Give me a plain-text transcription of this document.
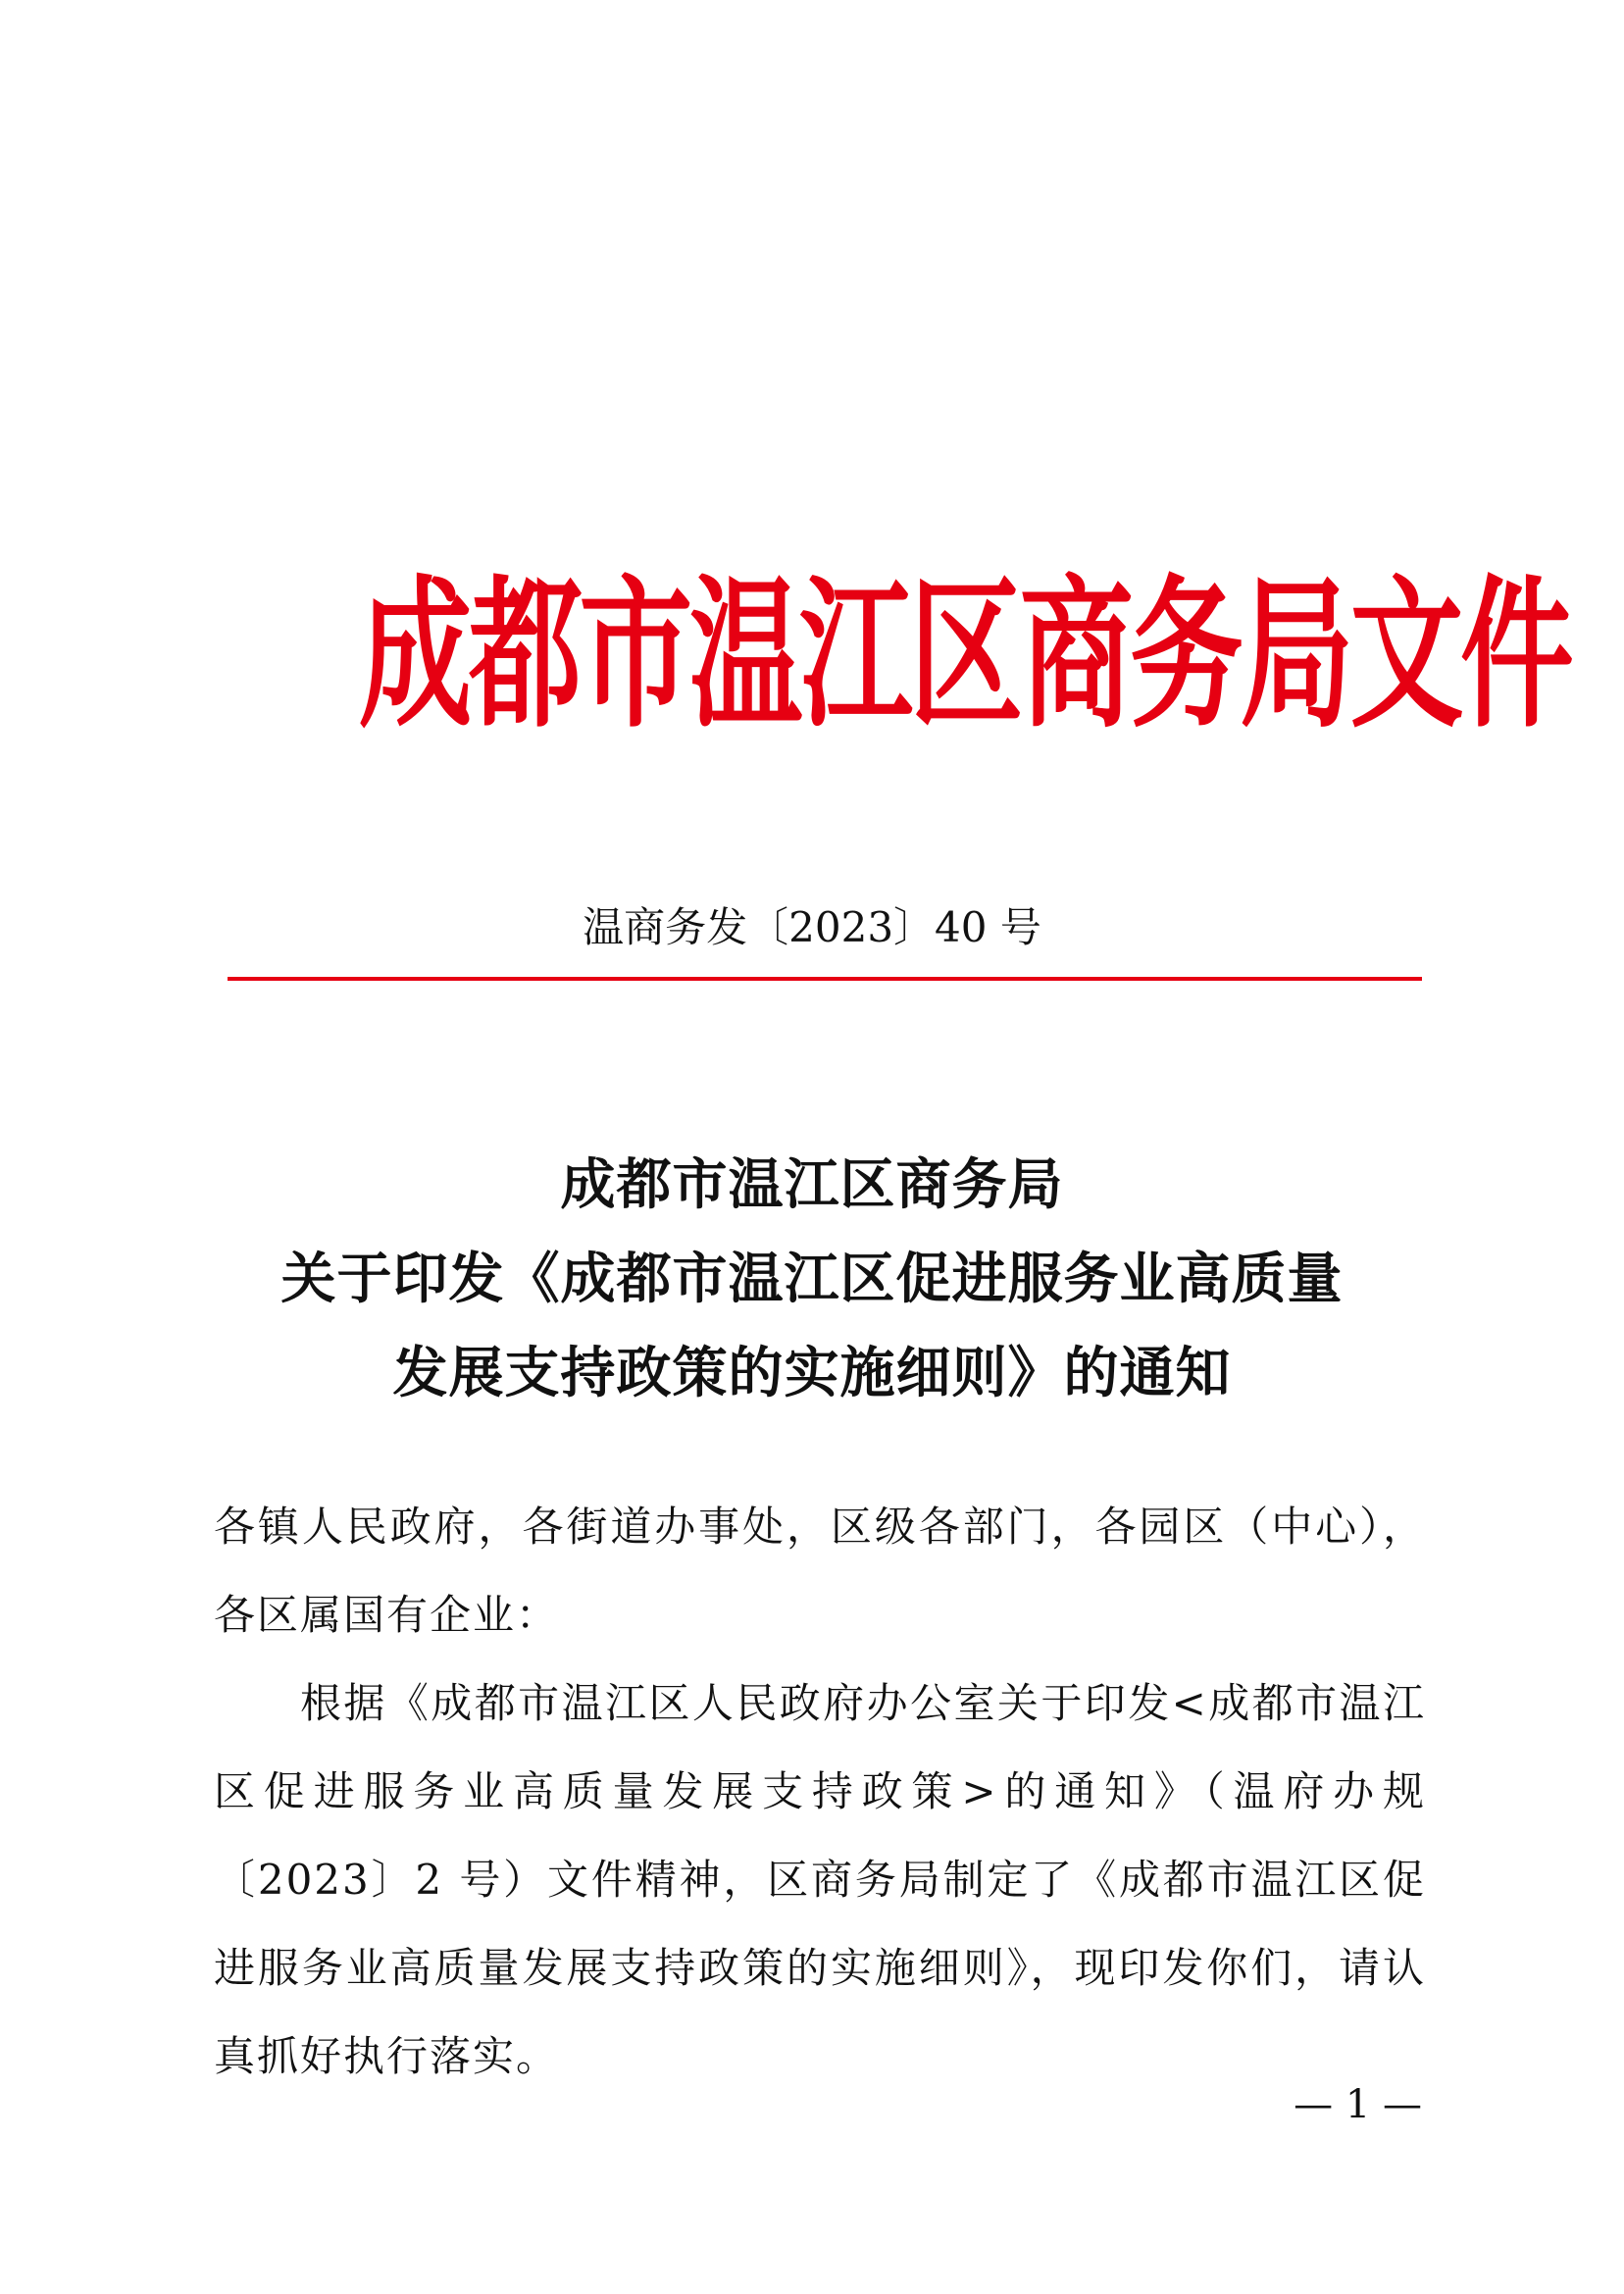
成都市温江区商务局文件
温商务发〔2023〕40 号
成都市温江区商务局
关于印发《成都市温江区促进服务业高质量
发展支持政策的实施细则》的通知

各镇人民政府，各街道办事处，区级各部门，各园区（中心），各区属国有企业：

根据《成都市温江区人民政府办公室关于印发<成都市温江区促进服务业高质量发展支持政策>的通知》（温府办规〔2023〕2 号）文件精神，区商务局制定了《成都市温江区促进服务业高质量发展支持政策的实施细则》，现印发你们，请认真抓好执行落实。

— 1 —
